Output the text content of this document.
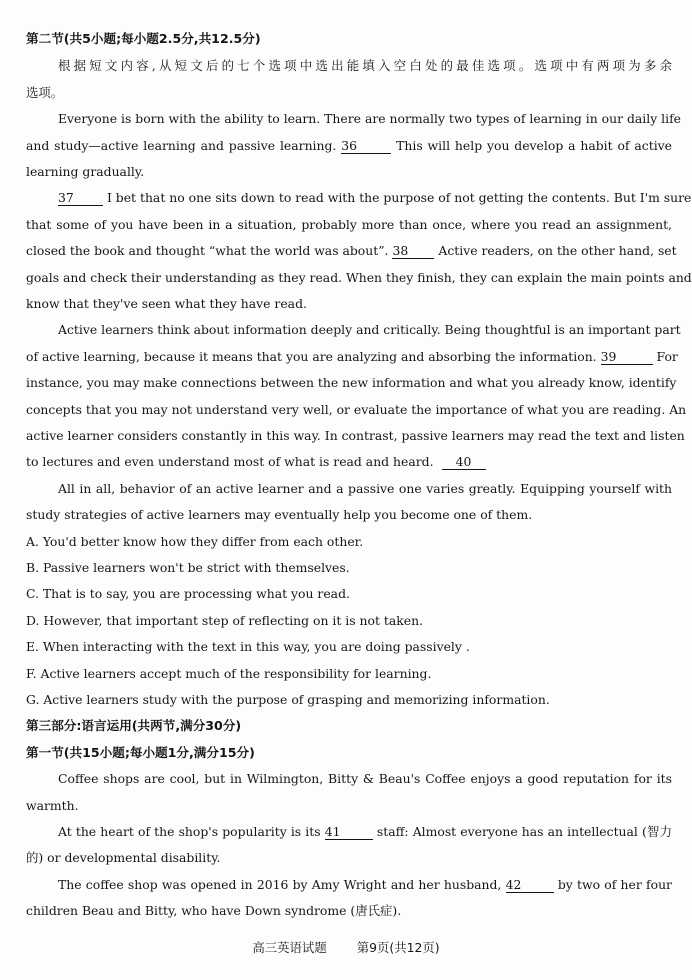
第二节(共5小题;每小题2.5分,共12.5分)
根据短文内容,从短文后的七个选项中选出能填入空白处的最佳选项。选项中有两项为多余
选项。
Everyone is born with the ability to learn. There are normally two types of learning in our daily life
and study—active learning and passive learning. 36	This will help you develop a habit of active
learning gradually.
37	I bet that no one sits down to read with the purpose of not getting the contents. But I'm sure
that some of you have been in a situation, probably more than once, where you read an assignment,
closed the book and thought “what the world was about”. 38 Active readers, on the other hand, set
goals and check their understanding as they read. When they finish, they can explain the main points and
know that they've seen what they have read.
Active learners think about information deeply and critically. Being thoughtful is an important part
of active learning, because it means that you are analyzing and absorbing the information. 39	For
instance, you may make connections between the new information and what you already know, identify
concepts that you may not understand very well, or evaluate the importance of what you are reading. An
active learner considers constantly in this way. In contrast, passive learners may read the text and listen
to lectures and even understand most of what is read and heard. 40
All in all, behavior of an active learner and a passive one varies greatly. Equipping yourself with
study strategies of active learners may eventually help you become one of them.
A. You'd better know how they differ from each other.
B. Passive learners won't be strict with themselves.
C. That is to say, you are processing what you read.
D. However, that important step of reflecting on it is not taken.
E. When interacting with the text in this way, you are doing passively .
F. Active learners accept much of the responsibility for learning.
G. Active learners study with the purpose of grasping and memorizing information.
第三部分:语言运用(共两节,满分30分)
第一节(共15小题;每小题1分,满分15分)
Coffee shops are cool, but in Wilmington, Bitty & Beau's Coffee enjoys a good reputation for its
warmth.
At the heart of the shop's popularity is its 41	staff: Almost everyone has an intellectual (智力
的) or developmental disability.
The coffee shop was opened in 2016 by Amy Wright and her husband, 42	by two of her four
children Beau and Bitty, who have Down syndrome (唐氏症).
高三英语试题 第9页(共12页)
